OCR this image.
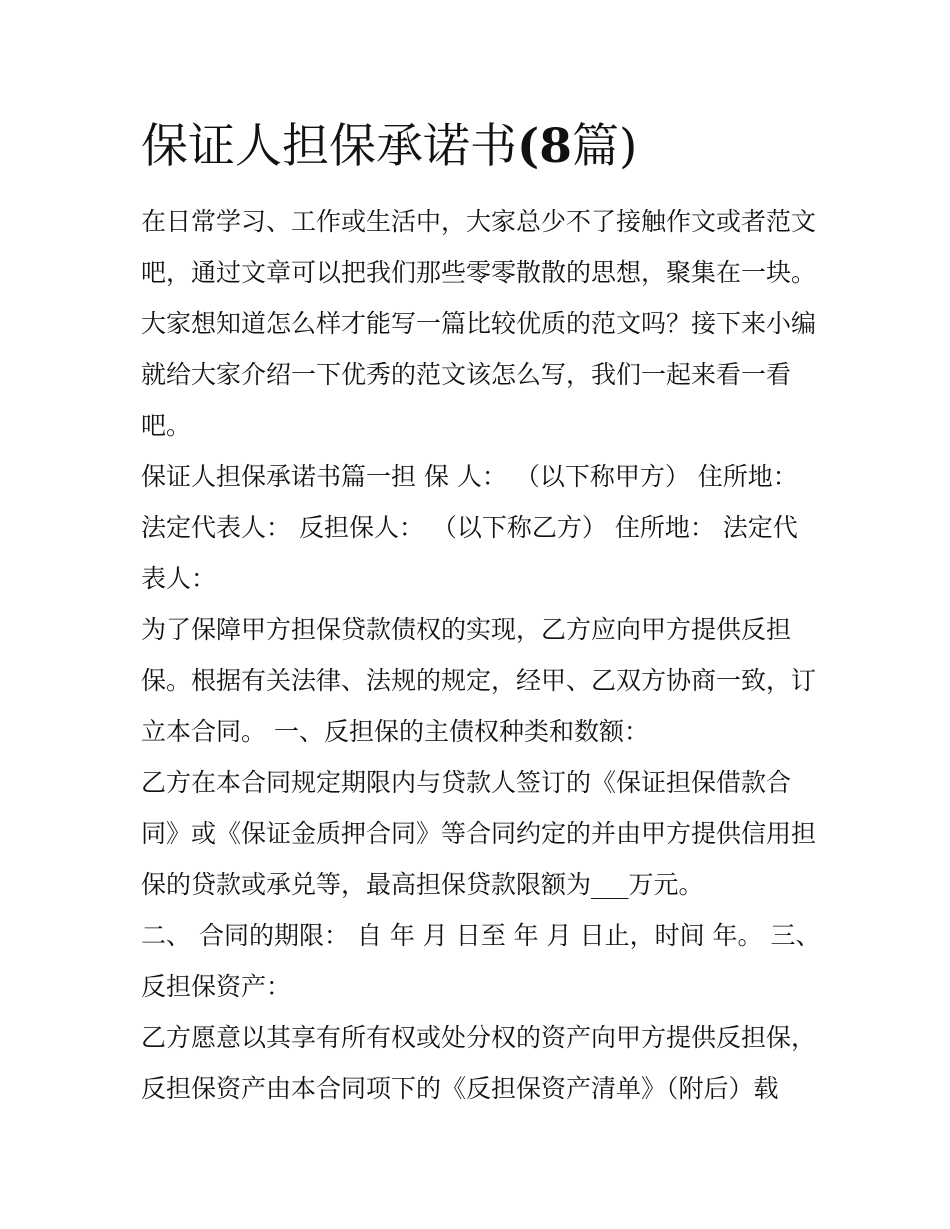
保证人担保承诺书(8篇)

在日常学习、工作或生活中，大家总少不了接触作文或者范文

吧，通过文章可以把我们那些零零散散的思想，聚集在一块。

大家想知道怎么样才能写一篇比较优质的范文吗？接下来小编

就给大家介绍一下优秀的范文该怎么写，我们一起来看一看

吧。

保证人担保承诺书篇一担 保 人： （以下称甲方） 住所地：

法定代表人： 反担保人： （以下称乙方） 住所地： 法定代

表人：

为了保障甲方担保贷款债权的实现，乙方应向甲方提供反担

保。根据有关法律、法规的规定，经甲、乙双方协商一致，订

立本合同。 一、反担保的主债权种类和数额：

乙方在本合同规定期限内与贷款人签订的《保证担保借款合

同》或《保证金质押合同》等合同约定的并由甲方提供信用担

保的贷款或承兑等，最高担保贷款限额为___万元。

二、 合同的期限： 自 年 月 日至 年 月 日止，时间 年。 三、

反担保资产：

乙方愿意以其享有所有权或处分权的资产向甲方提供反担保，

反担保资产由本合同项下的《反担保资产清单》（附后）载
